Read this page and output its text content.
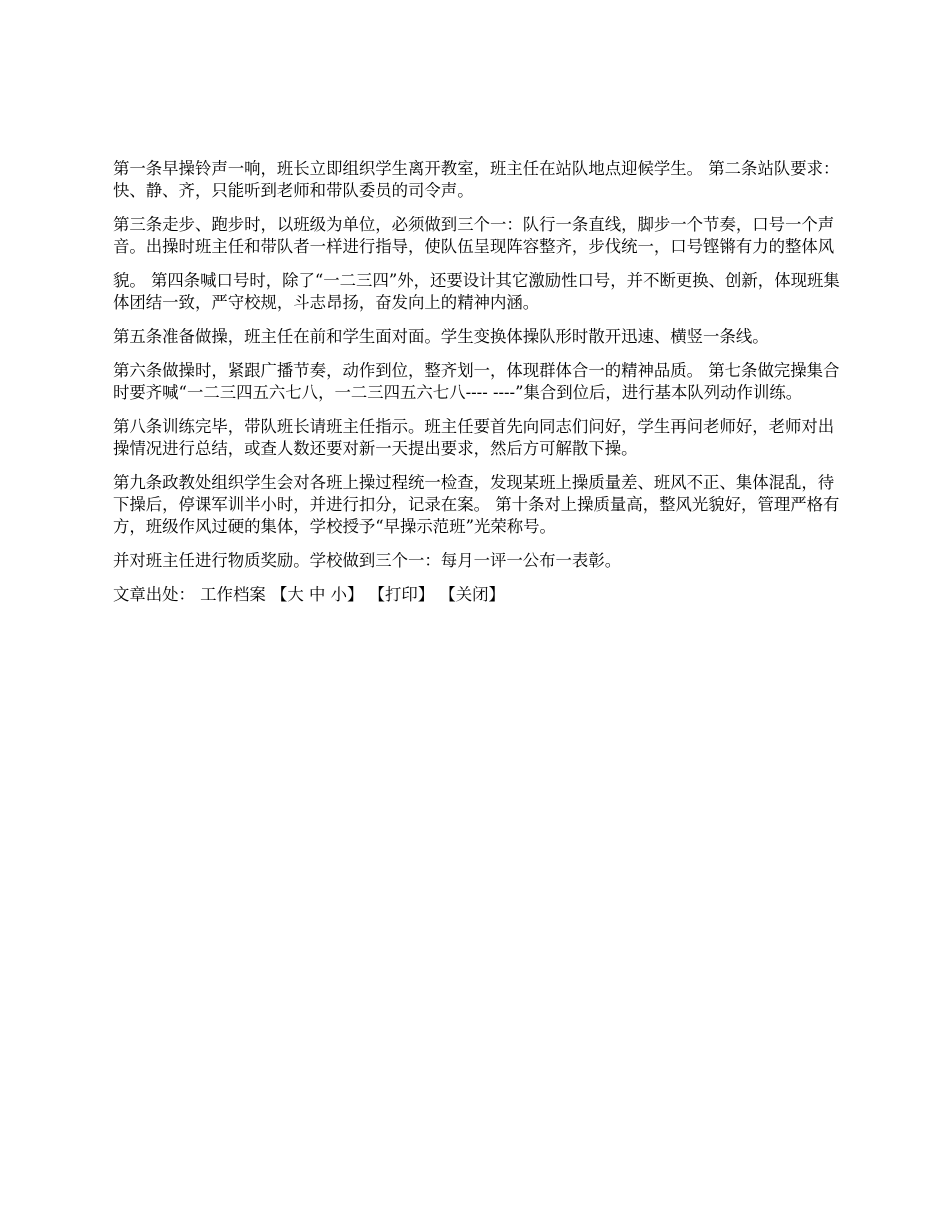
第一条早操铃声一响，班长立即组织学生离开教室，班主任在站队地点迎候学生。 第二条站队要求：快、静、齐，只能听到老师和带队委员的司令声。

第三条走步、跑步时，以班级为单位，必须做到三个一：队行一条直线，脚步一个节奏，口号一个声音。出操时班主任和带队者一样进行指导，使队伍呈现阵容整齐，步伐统一，口号铿锵有力的整体风

貌。 第四条喊口号时，除了“一二三四”外，还要设计其它激励性口号，并不断更换、创新，体现班集体团结一致，严守校规，斗志昂扬，奋发向上的精神内涵。

第五条准备做操，班主任在前和学生面对面。学生变换体操队形时散开迅速、横竖一条线。

第六条做操时，紧跟广播节奏，动作到位，整齐划一，体现群体合一的精神品质。 第七条做完操集合时要齐喊“一二三四五六七八，一二三四五六七八---- ----”集合到位后，进行基本队列动作训练。

第八条训练完毕，带队班长请班主任指示。班主任要首先向同志们问好，学生再问老师好，老师对出操情况进行总结，或查人数还要对新一天提出要求，然后方可解散下操。

第九条政教处组织学生会对各班上操过程统一检查，发现某班上操质量差、班风不正、集体混乱，待下操后，停课军训半小时，并进行扣分，记录在案。 第十条对上操质量高，整风光貌好，管理严格有方，班级作风过硬的集体，学校授予“早操示范班”光荣称号。

并对班主任进行物质奖励。学校做到三个一：每月一评一公布一表彰。

文章出处： 工作档案 【大 中 小】 【打印】 【关闭】
